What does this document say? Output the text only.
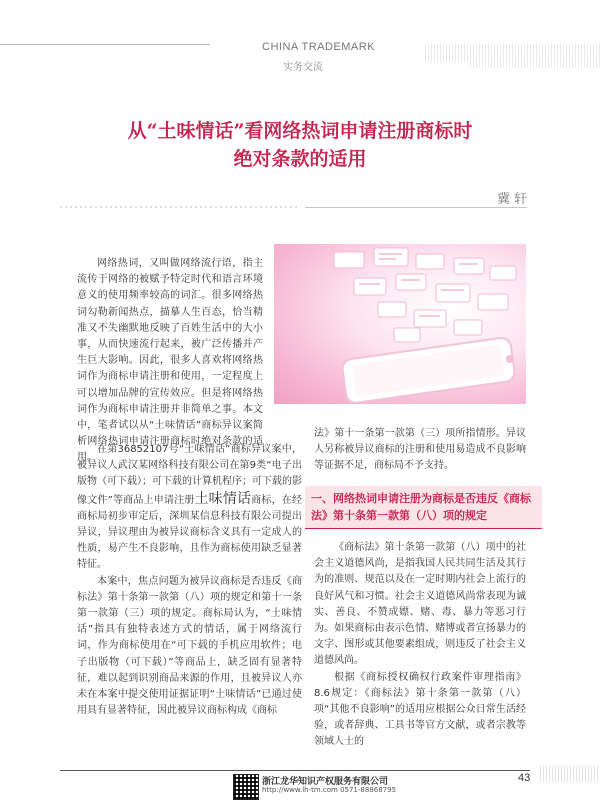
CHINA TRADEMARK
实务交流
从“土味情话”看网络热词申请注册商标时
绝对条款的适用
冀 轩

网络热词，又叫做网络流行语，指主流传于网络的被赋予特定时代和语言环境意义的使用频率较高的词汇。很多网络热词勾勒新闻热点，描摹人生百态，恰当精准又不失幽默地反映了百姓生活中的大小事，从而快速流行起来，被广泛传播并产生巨大影响。因此，很多人喜欢将网络热词作为商标申请注册和使用，一定程度上可以增加品牌的宣传效应。但是将网络热词作为商标申请注册并非简单之事。本文中，笔者试以从“土味情话”商标异议案简析网络热词申请注册商标时绝对条款的适用。

在第36852107号“土味情话”商标异议案中，被异议人武汉某网络科技有限公司在第9类“电子出版物（可下载）；可下载的计算机程序；可下载的影像文件”等商品上申请注册土味情话商标，在经商标局初步审定后，深圳某信息科技有限公司提出异议，异议理由为被异议商标含义具有一定成人的性质，易产生不良影响，且作为商标使用缺乏显著特征。

本案中，焦点问题为被异议商标是否违反《商标法》第十条第一款第（八）项的规定和第十一条第一款第（三）项的规定。商标局认为，“土味情话”指具有独特表述方式的情话，属于网络流行词，作为商标使用在“可下载的手机应用软件；电子出版物（可下载）”等商品上，缺乏固有显著特征，难以起到识别商品来源的作用，且被异议人亦未在本案中提交使用证据证明“土味情话”已通过使用具有显著特征，因此被异议商标构成《商标

法》第十一条第一款第（三）项所指情形。异议人另称被异议商标的注册和使用易造成不良影响等证据不足，商标局不予支持。
一、网络热词申请注册为商标是否违反《商标法》第十条第一款第（八）项的规定

《商标法》第十条第一款第（八）项中的社会主义道德风尚，是指我国人民共同生活及其行为的准则、规范以及在一定时期内社会上流行的良好风气和习惯。社会主义道德风尚常表现为诚实、善良、不赞成嫖、赌、毒、暴力等恶习行为。如果商标由表示色情、赌博或者宣扬暴力的文字、图形或其他要素组成，则违反了社会主义道德风尚。

根据《商标授权确权行政案件审理指南》8.6规定：《商标法》第十条第一款第（八）项“其他不良影响”的适用应根据公众日常生活经验，或者辞典、工具书等官方文献，或者宗教等领域人士的

浙江龙华知识产权服务有限公司
http://www.lh-tm.com 0571-88868795
43
